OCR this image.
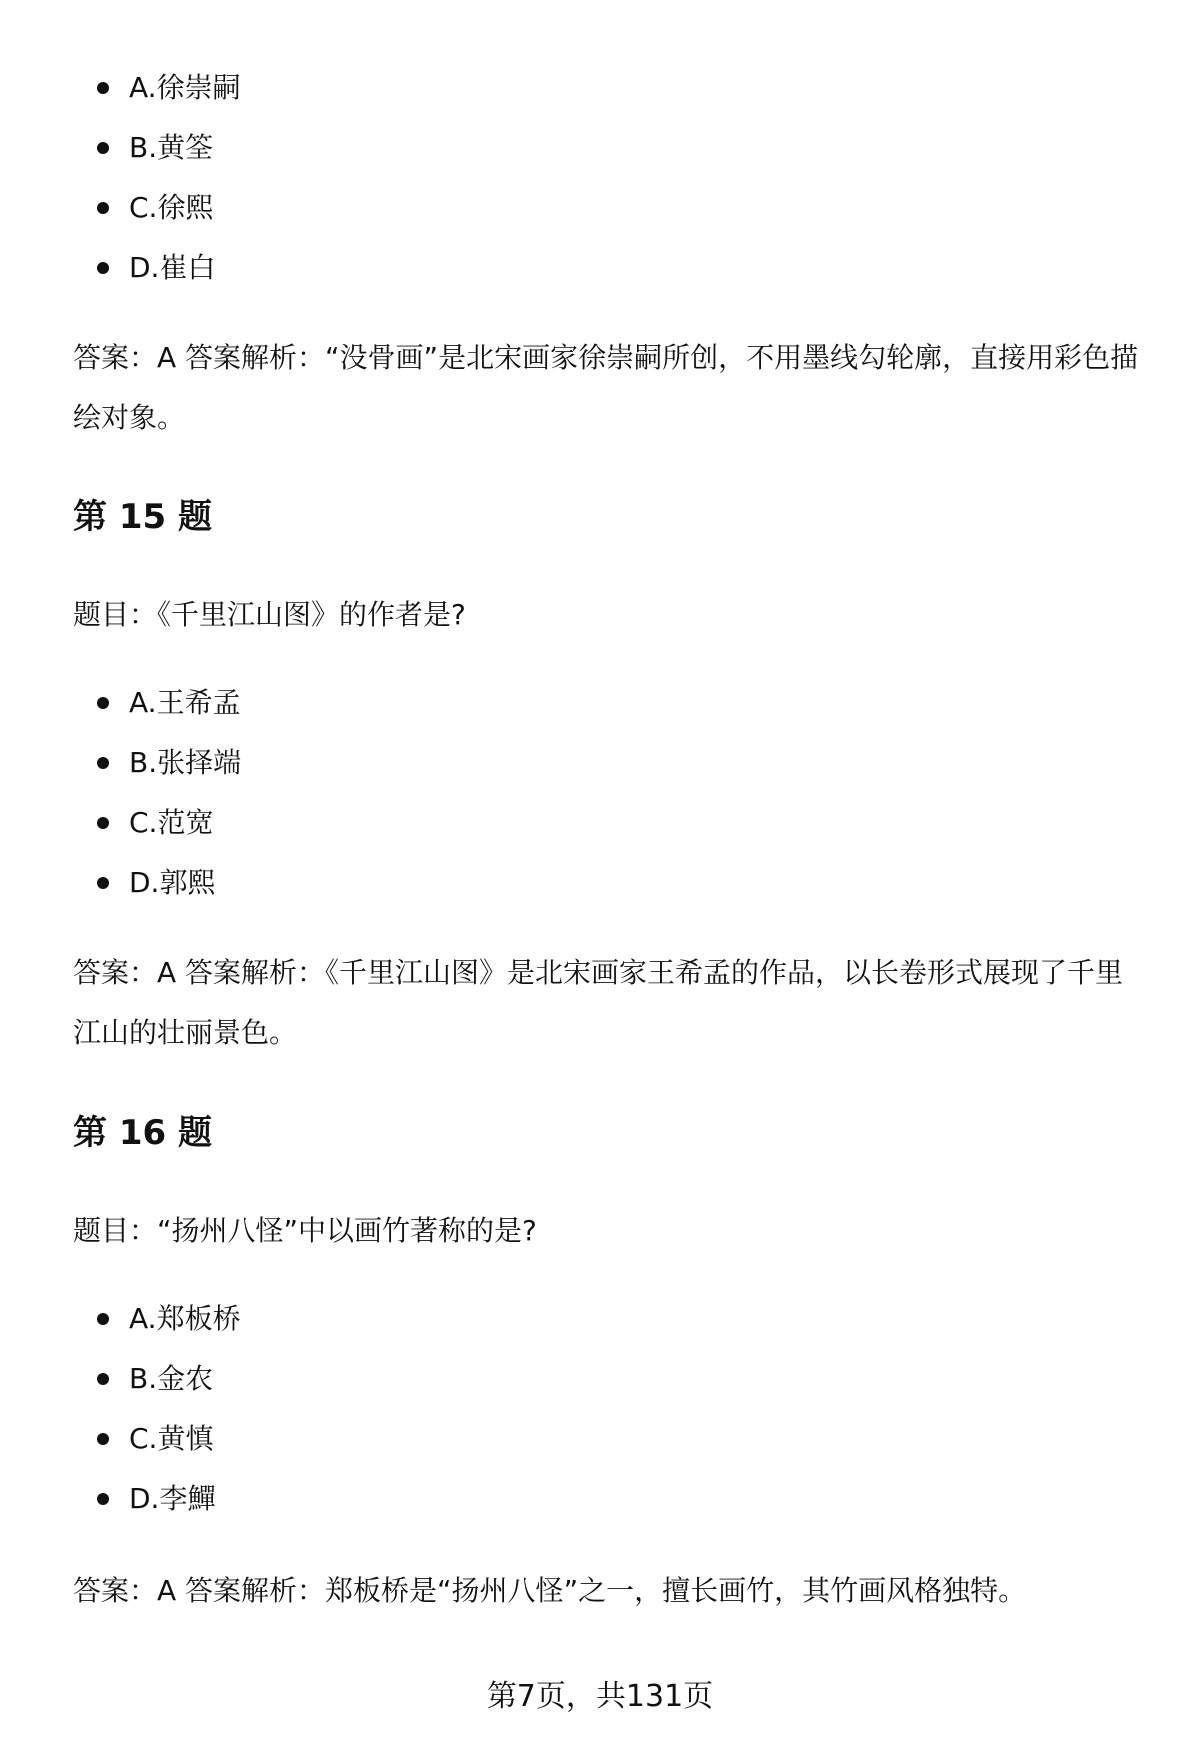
A.徐崇嗣
B.黄筌
C.徐熙
D.崔白

答案：A 答案解析：“没骨画”是北宋画家徐崇嗣所创，不用墨线勾轮廓，直接用彩色描绘对象。

第 15 题

题目：《千里江山图》的作者是?

A.王希孟
B.张择端
C.范宽
D.郭熙

答案：A 答案解析：《千里江山图》是北宋画家王希孟的作品，以长卷形式展现了千里江山的壮丽景色。

第 16 题

题目：“扬州八怪”中以画竹著称的是?

A.郑板桥
B.金农
C.黄慎
D.李鱓

答案：A 答案解析：郑板桥是“扬州八怪”之一，擅长画竹，其竹画风格独特。

第7页，共131页
